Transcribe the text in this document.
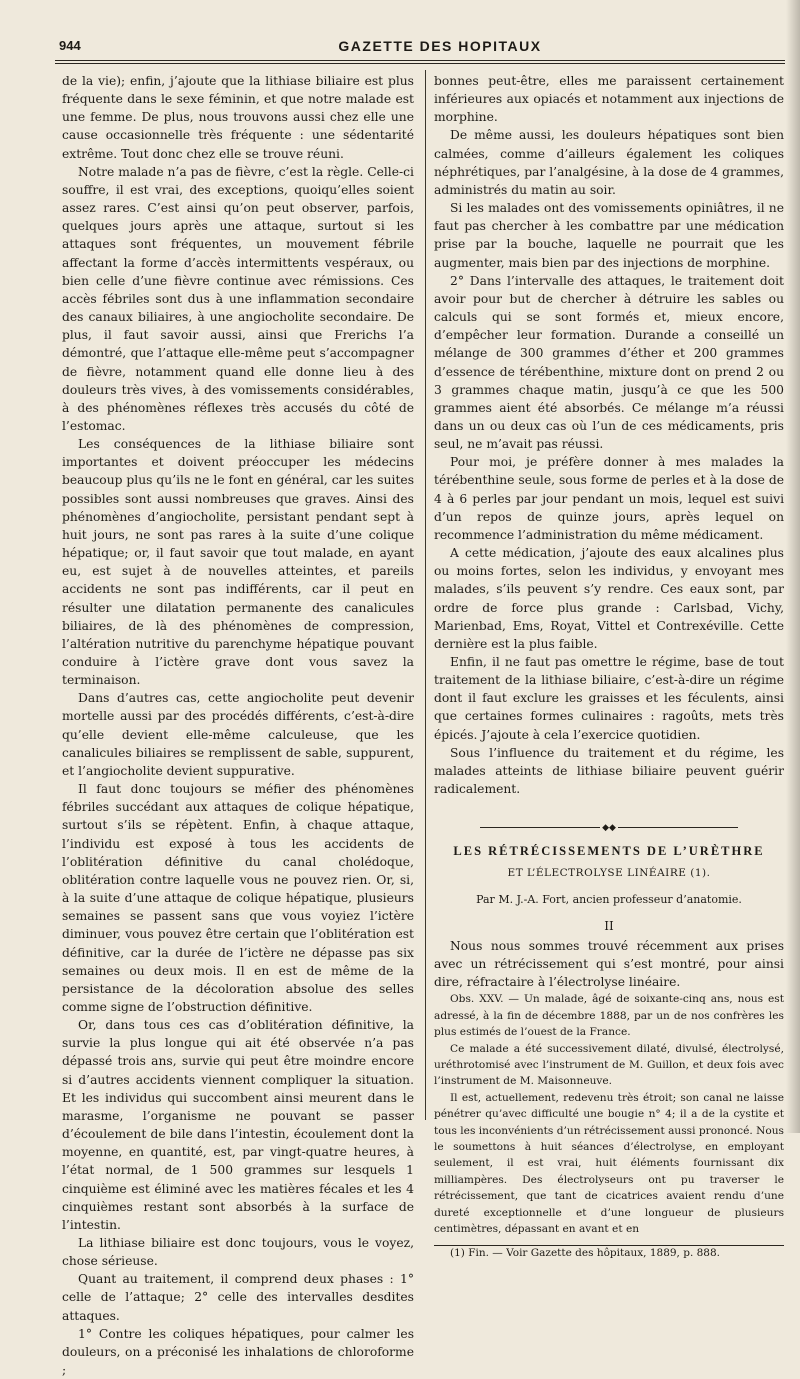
944	GAZETTE DES HOPITAUX

de la vie); enfin, j’ajoute que la lithiase biliaire est plus fréquente dans le sexe féminin, et que notre malade est une femme. De plus, nous trouvons aussi chez elle une cause occasionnelle très fréquente : une sédentarité extrême. Tout donc chez elle se trouve réuni.

Notre malade n’a pas de fièvre, c’est la règle. Celle-ci souffre, il est vrai, des exceptions, quoiqu’elles soient assez rares. C’est ainsi qu’on peut observer, parfois, quelques jours après une attaque, surtout si les attaques sont fréquentes, un mouvement fébrile affectant la forme d’accès intermittents vespéraux, ou bien celle d’une fièvre continue avec rémissions. Ces accès fébriles sont dus à une inflammation secondaire des canaux biliaires, à une angiocholite secondaire. De plus, il faut savoir aussi, ainsi que Frerichs l’a démontré, que l’attaque elle-même peut s’accompagner de fièvre, notamment quand elle donne lieu à des douleurs très vives, à des vomissements considérables, à des phénomènes réflexes très accusés du côté de l’estomac.

Les conséquences de la lithiase biliaire sont importantes et doivent préoccuper les médecins beaucoup plus qu’ils ne le font en général, car les suites possibles sont aussi nombreuses que graves. Ainsi des phénomènes d’angiocholite, persistant pendant sept à huit jours, ne sont pas rares à la suite d’une colique hépatique; or, il faut savoir que tout malade, en ayant eu, est sujet à de nouvelles atteintes, et pareils accidents ne sont pas indifférents, car il peut en résulter une dilatation permanente des canalicules biliaires, de là des phénomènes de compression, l’altération nutritive du parenchyme hépatique pouvant conduire à l’ictère grave dont vous savez la terminaison.

Dans d’autres cas, cette angiocholite peut devenir mortelle aussi par des procédés différents, c’est-à-dire qu’elle devient elle-même calculeuse, que les canalicules biliaires se remplissent de sable, suppurent, et l’angiocholite devient suppurative.

Il faut donc toujours se méfier des phénomènes fébriles succédant aux attaques de colique hépatique, surtout s’ils se répètent. Enfin, à chaque attaque, l’individu est exposé à tous les accidents de l’oblitération définitive du canal cholédoque, oblitération contre laquelle vous ne pouvez rien. Or, si, à la suite d’une attaque de colique hépatique, plusieurs semaines se passent sans que vous voyiez l’ictère diminuer, vous pouvez être certain que l’oblitération est définitive, car la durée de l’ictère ne dépasse pas six semaines ou deux mois. Il en est de même de la persistance de la décoloration absolue des selles comme signe de l’obstruction définitive.

Or, dans tous ces cas d’oblitération définitive, la survie la plus longue qui ait été observée n’a pas dépassé trois ans, survie qui peut être moindre encore si d’autres accidents viennent compliquer la situation. Et les individus qui succombent ainsi meurent dans le marasme, l’organisme ne pouvant se passer d’écoulement de bile dans l’intestin, écoulement dont la moyenne, en quantité, est, par vingt-quatre heures, à l’état normal, de 1 500 grammes sur lesquels 1 cinquième est éliminé avec les matières fécales et les 4 cinquièmes restant sont absorbés à la surface de l’intestin.

La lithiase biliaire est donc toujours, vous le voyez, chose sérieuse.

Quant au traitement, il comprend deux phases : 1° celle de l’attaque; 2° celle des intervalles desdites attaques.

1° Contre les coliques hépatiques, pour calmer les douleurs, on a préconisé les inhalations de chloroforme ;

bonnes peut-être, elles me paraissent certainement inférieures aux opiacés et notamment aux injections de morphine.

De même aussi, les douleurs hépatiques sont bien calmées, comme d’ailleurs également les coliques néphrétiques, par l’analgésine, à la dose de 4 grammes, administrés du matin au soir.

Si les malades ont des vomissements opiniâtres, il ne faut pas chercher à les combattre par une médication prise par la bouche, laquelle ne pourrait que les augmenter, mais bien par des injections de morphine.

2° Dans l’intervalle des attaques, le traitement doit avoir pour but de chercher à détruire les sables ou calculs qui se sont formés et, mieux encore, d’empêcher leur formation. Durande a conseillé un mélange de 300 grammes d’éther et 200 grammes d’essence de térébenthine, mixture dont on prend 2 ou 3 grammes chaque matin, jusqu’à ce que les 500 grammes aient été absorbés. Ce mélange m’a réussi dans un ou deux cas où l’un de ces médicaments, pris seul, ne m’avait pas réussi.

Pour moi, je préfère donner à mes malades la térébenthine seule, sous forme de perles et à la dose de 4 à 6 perles par jour pendant un mois, lequel est suivi d’un repos de quinze jours, après lequel on recommence l’administration du même médicament.

A cette médication, j’ajoute des eaux alcalines plus ou moins fortes, selon les individus, y envoyant mes malades, s’ils peuvent s’y rendre. Ces eaux sont, par ordre de force plus grande : Carlsbad, Vichy, Marienbad, Ems, Royat, Vittel et Contrexéville. Cette dernière est la plus faible.

Enfin, il ne faut pas omettre le régime, base de tout traitement de la lithiase biliaire, c’est-à-dire un régime dont il faut exclure les graisses et les féculents, ainsi que certaines formes culinaires : ragoûts, mets très épicés. J’ajoute à cela l’exercice quotidien.

Sous l’influence du traitement et du régime, les malades atteints de lithiase biliaire peuvent guérir radicalement.

◆◆
LES RÉTRÉCISSEMENTS DE L’URÈTHRE
ET L’ÉLECTROLYSE LINÉAIRE (1).
Par M. J.-A. Fort, ancien professeur d’anatomie.
II

Nous nous sommes trouvé récemment aux prises avec un rétrécissement qui s’est montré, pour ainsi dire, réfractaire à l’électrolyse linéaire.

Obs. XXV. — Un malade, âgé de soixante-cinq ans, nous est adressé, à la fin de décembre 1888, par un de nos confrères les plus estimés de l’ouest de la France.

Ce malade a été successivement dilaté, divulsé, électrolysé, uréthrotomisé avec l’instrument de M. Guillon, et deux fois avec l’instrument de M. Maisonneuve.

Il est, actuellement, redevenu très étroit; son canal ne laisse pénétrer qu’avec difficulté une bougie n° 4; il a de la cystite et tous les inconvénients d’un rétrécissement aussi prononcé. Nous le soumettons à huit séances d’électrolyse, en employant seulement, il est vrai, huit éléments fournissant dix milliampères. Des électrolyseurs ont pu traverser le rétrécissement, que tant de cicatrices avaient rendu d’une dureté exceptionnelle et d’une longueur de plusieurs centimètres, dépassant en avant et en

(1) Fin. — Voir Gazette des hôpitaux, 1889, p. 888.
